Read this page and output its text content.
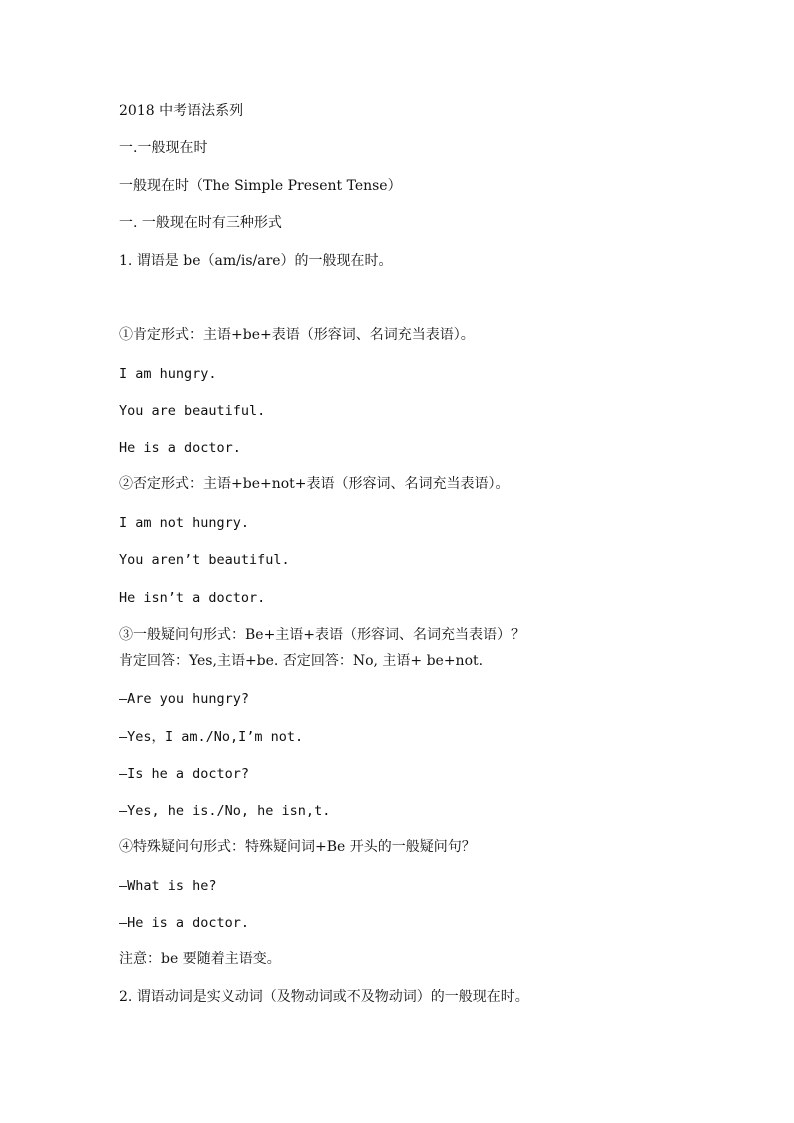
2018 中考语法系列
一.一般现在时
一般现在时（The Simple Present Tense）
一. 一般现在时有三种形式
1. 谓语是 be（am/is/are）的一般现在时。
①肯定形式：主语+be+表语（形容词、名词充当表语）。
I am hungry.
You are beautiful.
He is a doctor.
②否定形式：主语+be+not+表语（形容词、名词充当表语）。
I am not hungry.
You aren’t beautiful.
He isn’t a doctor.
③一般疑问句形式：Be+主语+表语（形容词、名词充当表语）？
肯定回答：Yes,主语+be. 否定回答：No, 主语+ be+not.
—Are you hungry?
—Yes，I am./No,I’m not.
—Is he a doctor?
—Yes, he is./No, he isn,t.
④特殊疑问句形式：特殊疑问词+Be 开头的一般疑问句？
—What is he?
—He is a doctor.
注意：be 要随着主语变。
2. 谓语动词是实义动词（及物动词或不及物动词）的一般现在时。
